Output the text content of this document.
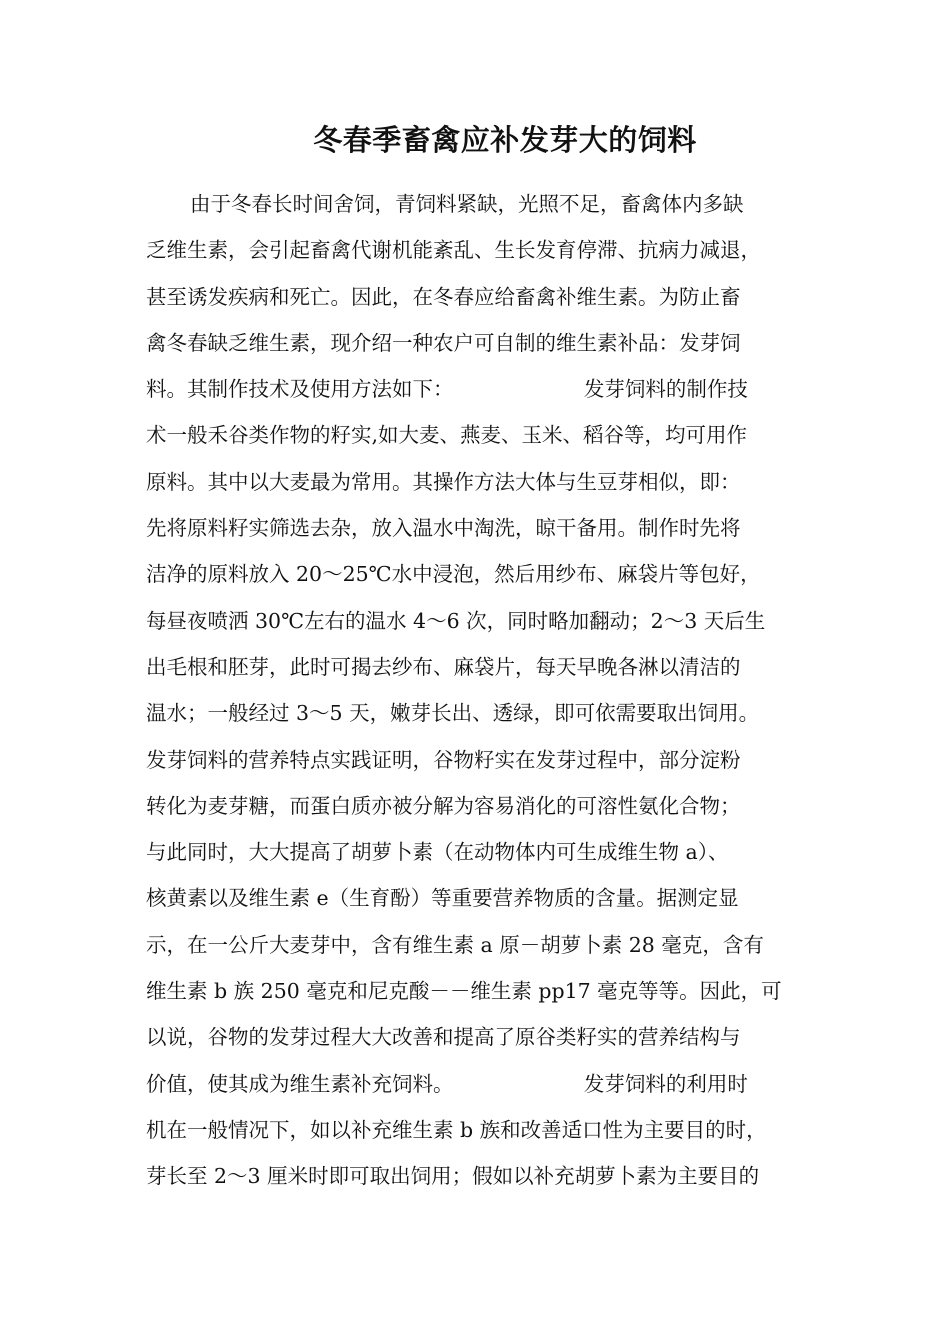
冬春季畜禽应补发芽大的饲料
由于冬春长时间舍饲，青饲料紧缺，光照不足，畜禽体内多缺
乏维生素，会引起畜禽代谢机能紊乱、生长发育停滞、抗病力减退，
甚至诱发疾病和死亡。因此，在冬春应给畜禽补维生素。为防止畜
禽冬春缺乏维生素，现介绍一种农户可自制的维生素补品：发芽饲
料。其制作技术及使用方法如下：                    发芽饲料的制作技
术一般禾谷类作物的籽实,如大麦、燕麦、玉米、稻谷等，均可用作
原料。其中以大麦最为常用。其操作方法大体与生豆芽相似，即：
先将原料籽实筛选去杂，放入温水中淘洗，晾干备用。制作时先将
洁净的原料放入 20～25℃水中浸泡，然后用纱布、麻袋片等包好，
每昼夜喷洒 30℃左右的温水 4～6 次，同时略加翻动；2～3 天后生
出毛根和胚芽，此时可揭去纱布、麻袋片，每天早晚各淋以清洁的
温水；一般经过 3～5 天，嫩芽长出、透绿，即可依需要取出饲用。
发芽饲料的营养特点实践证明，谷物籽实在发芽过程中，部分淀粉
转化为麦芽糖，而蛋白质亦被分解为容易消化的可溶性氨化合物；
与此同时，大大提高了胡萝卜素（在动物体内可生成维生物 a）、
核黄素以及维生素 e（生育酚）等重要营养物质的含量。据测定显
示，在一公斤大麦芽中，含有维生素 a 原－胡萝卜素 28 毫克，含有
维生素 b 族 250 毫克和尼克酸－－维生素 pp17 毫克等等。因此，可
以说，谷物的发芽过程大大改善和提高了原谷类籽实的营养结构与
价值，使其成为维生素补充饲料。                    发芽饲料的利用时
机在一般情况下，如以补充维生素 b 族和改善适口性为主要目的时，
芽长至 2～3 厘米时即可取出饲用；假如以补充胡萝卜素为主要目的
